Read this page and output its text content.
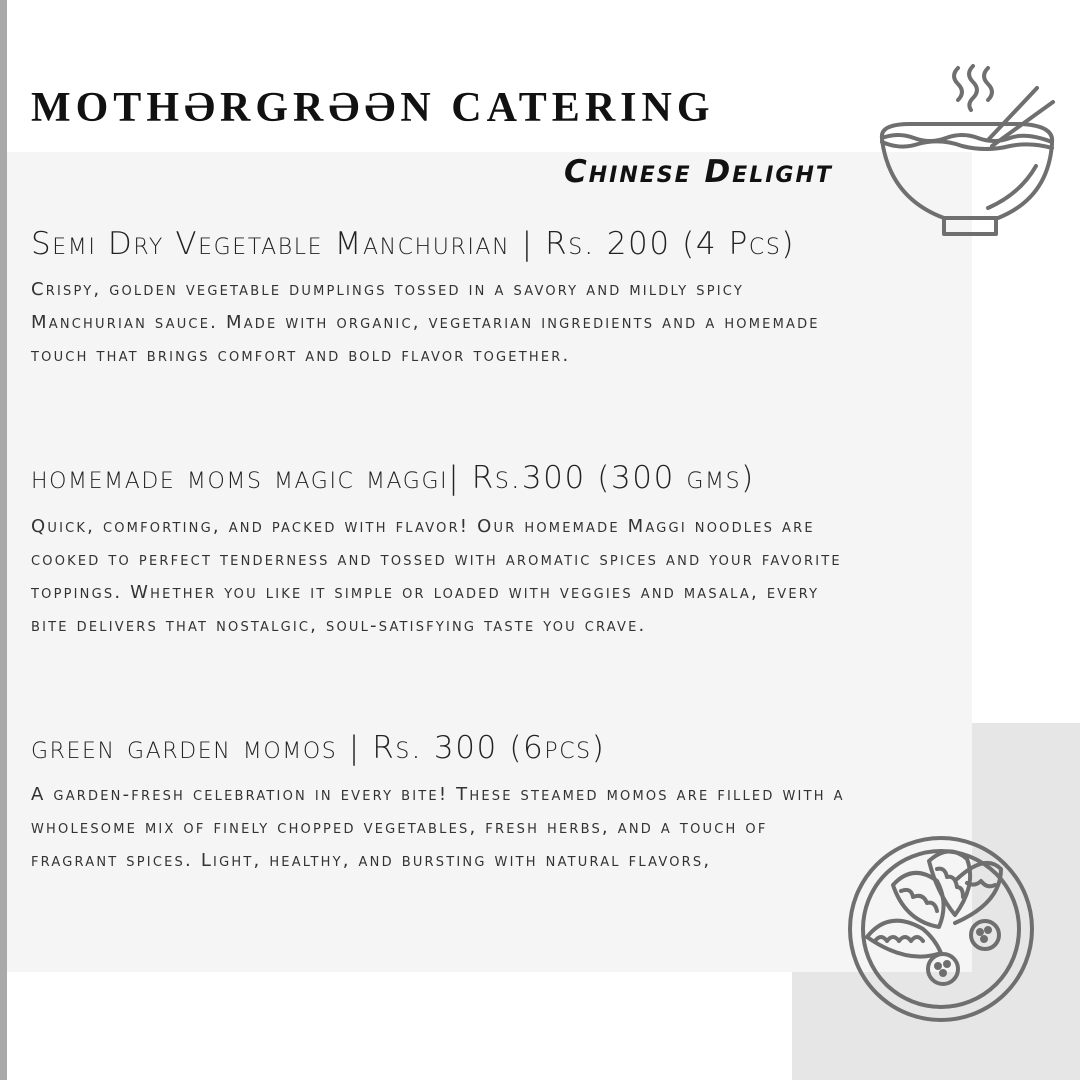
MOTHƏRGRƏƏN CATERING
Chinese Delight
Semi Dry Vegetable Manchurian | Rs. 200 (4 Pcs)

Crispy, golden vegetable dumplings tossed in a savory and mildly spicy Manchurian sauce. Made with organic, vegetarian ingredients and a homemade touch that brings comfort and bold flavor together.

homemade moms magic maggi| Rs.300 (300 gms)

Quick, comforting, and packed with flavor! Our homemade Maggi noodles are cooked to perfect tenderness and tossed with aromatic spices and your favorite toppings. Whether you like it simple or loaded with veggies and masala, every bite delivers that nostalgic, soul-satisfying taste you crave.

green garden momos | Rs. 300 (6pcs)

A garden-fresh celebration in every bite! These steamed momos are filled with a wholesome mix of finely chopped vegetables, fresh herbs, and a touch of fragrant spices. Light, healthy, and bursting with natural flavors,
